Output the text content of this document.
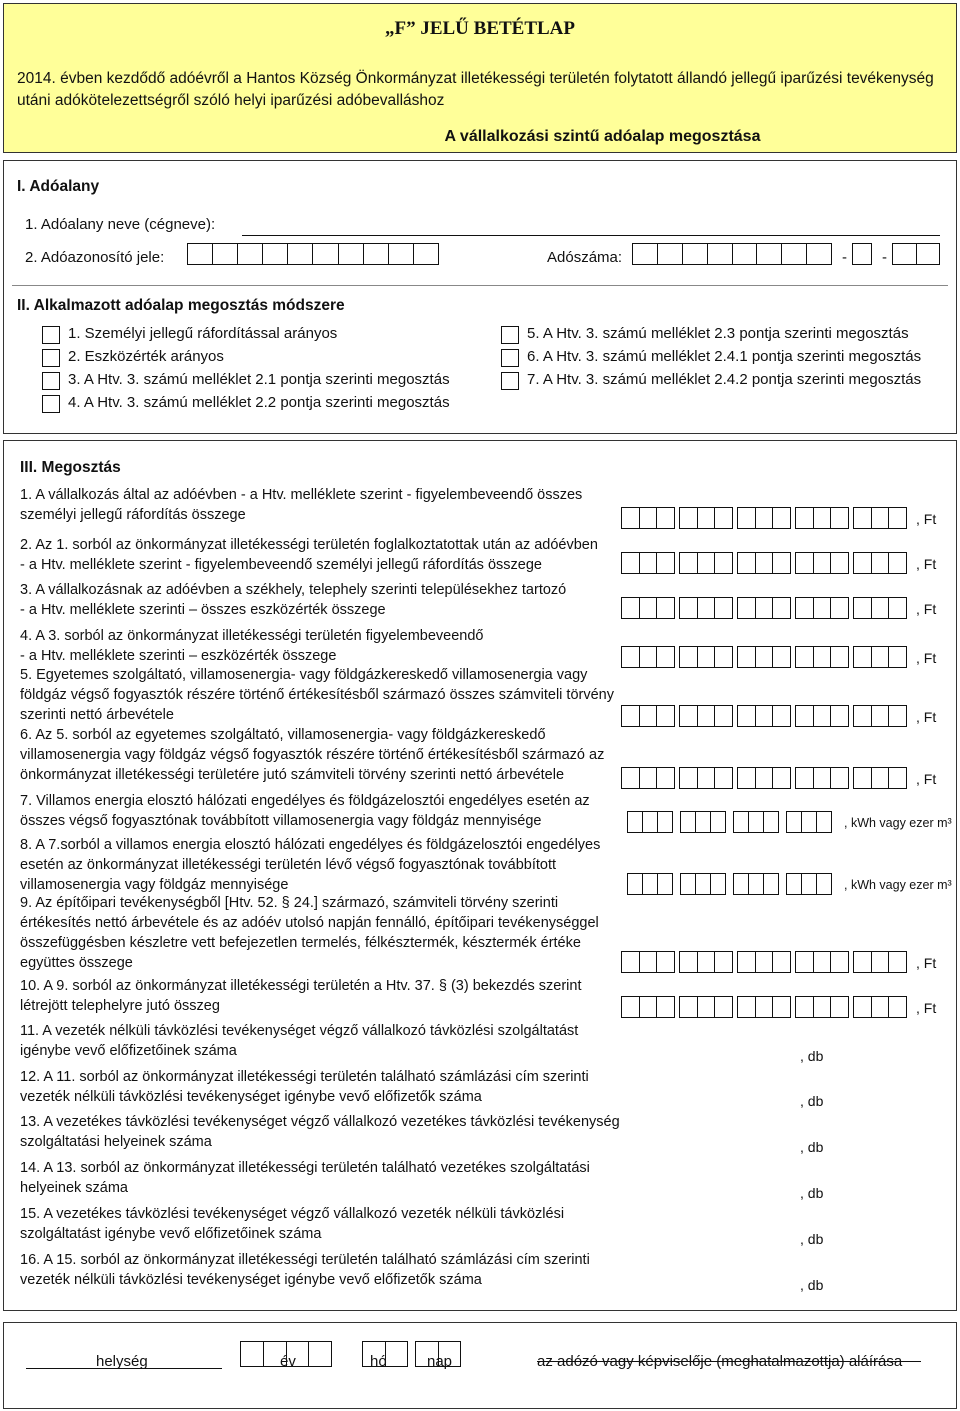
„F” JELŰ BETÉTLAP
2014. évben kezdődő adóévről a Hantos Község Önkormányzat illetékességi területén folytatott állandó jellegű iparűzési tevékenység utáni adókötelezettségről szóló helyi iparűzési adóbevalláshoz
A vállalkozási szintű adóalap megosztása
I. Adóalany
1. Adóalany neve (cégneve):
2. Adóazonosító jele:	Adószáma:	- -
II. Alkalmazott adóalap megosztás módszere
1. Személyi jellegű ráfordítással arányos
2. Eszközérték arányos
3. A Htv. 3. számú melléklet 2.1 pontja szerinti megosztás
4. A Htv. 3. számú melléklet 2.2 pontja szerinti megosztás
5. A Htv. 3. számú melléklet 2.3 pontja szerinti megosztás
6. A Htv. 3. számú melléklet 2.4.1 pontja szerinti megosztás
7. A Htv. 3. számú melléklet 2.4.2 pontja szerinti megosztás
III. Megosztás
1. A vállalkozás által az adóévben - a Htv. melléklete szerint - figyelembeveendő összes
személyi jellegű ráfordítás összege	, Ft
2. Az 1. sorból az önkormányzat illetékességi területén foglalkoztatottak után az adóévben
- a Htv. melléklete szerint - figyelembeveendő személyi jellegű ráfordítás összege	, Ft
3. A vállalkozásnak az adóévben a székhely, telephely szerinti településekhez tartozó
- a Htv. melléklete szerinti – összes eszközérték összege	, Ft
4. A 3. sorból az önkormányzat illetékességi területén figyelembeveendő
- a Htv. melléklete szerinti – eszközérték összege	, Ft
5. Egyetemes szolgáltató, villamosenergia- vagy földgázkereskedő villamosenergia vagy
földgáz végső fogyasztók részére történő értékesítésből származó összes számviteli törvény
szerinti nettó árbevétele	, Ft
6. Az 5. sorból az egyetemes szolgáltató, villamosenergia- vagy földgázkereskedő
villamosenergia vagy földgáz végső fogyasztók részére történő értékesítésből származó az
önkormányzat illetékességi területére jutó számviteli törvény szerinti nettó árbevétele	, Ft
7. Villamos energia elosztó hálózati engedélyes és földgázelosztói engedélyes esetén az
összes végső fogyasztónak továbbított villamosenergia vagy földgáz mennyisége	, kWh vagy ezer m³
8. A 7.sorból a villamos energia elosztó hálózati engedélyes és földgázelosztói engedélyes
esetén az önkormányzat illetékességi területén lévő végső fogyasztónak továbbított
villamosenergia vagy földgáz mennyisége	, kWh vagy ezer m³
9. Az építőipari tevékenységből [Htv. 52. § 24.] származó, számviteli törvény szerinti
értékesítés nettó árbevétele és az adóév utolsó napján fennálló, építőipari tevékenységgel
összefüggésben készletre vett befejezetlen termelés, félkésztermék, késztermék értéke
együttes összege	, Ft
10. A 9. sorból az önkormányzat illetékességi területén a Htv. 37. § (3) bekezdés szerint
létrejött telephelyre jutó összeg	, Ft
11. A vezeték nélküli távközlési tevékenységet végző vállalkozó távközlési szolgáltatást
igénybe vevő előfizetőinek száma	, db
12. A 11. sorból az önkormányzat illetékességi területén található számlázási cím szerinti
vezeték nélküli távközlési tevékenységet igénybe vevő előfizetők száma	, db
13. A vezetékes távközlési tevékenységet végző vállalkozó vezetékes távközlési tevékenység
szolgáltatási helyeinek száma	, db
14. A 13. sorból az önkormányzat illetékességi területén található vezetékes szolgáltatási
helyeinek száma	, db
15. A vezetékes távközlési tevékenységet végző vállalkozó vezeték nélküli távközlési
szolgáltatást igénybe vevő előfizetőinek száma	, db
16. A 15. sorból az önkormányzat illetékességi területén található számlázási cím szerinti
vezeték nélküli távközlési tevékenységet igénybe vevő előfizetők száma	, db
helység	év	hó	nap	az adózó vagy képviselője (meghatalmazottja) aláírása
